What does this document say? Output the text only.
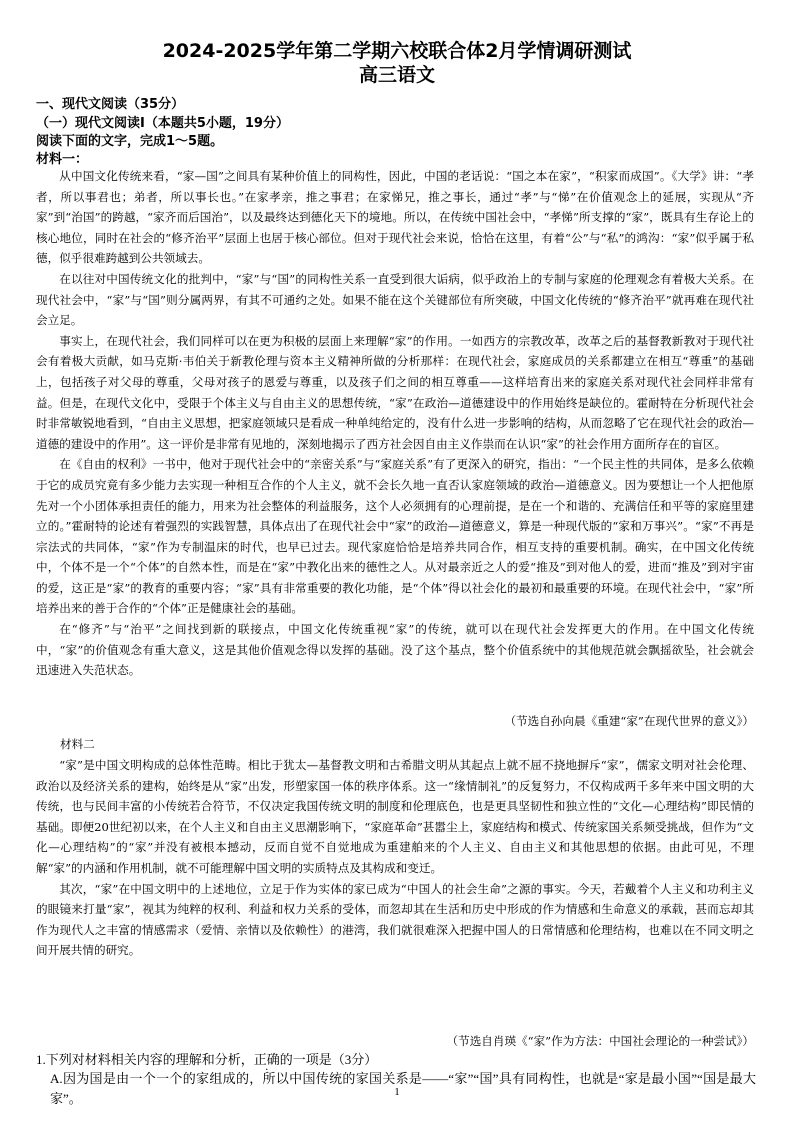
2024-2025学年第二学期六校联合体2月学情调研测试
高三语文
一、现代文阅读（35分）
（一）现代文阅读Ⅰ（本题共5小题，19分）
阅读下面的文字，完成1～5题。
材料一：

从中国文化传统来看，“家—国”之间具有某种价值上的同构性，因此，中国的老话说：“国之本在家”，“积家而成国”。《大学》讲：“孝者，所以事君也；弟者，所以事长也。”在家孝亲，推之事君；在家悌兄，推之事长，通过“孝”与“悌”在价值观念上的延展，实现从“齐家”到“治国”的跨越，“家齐而后国治”，以及最终达到德化天下的境地。所以，在传统中国社会中，“孝悌”所支撑的“家”，既具有生存论上的核心地位，同时在社会的“修齐治平”层面上也居于核心部位。但对于现代社会来说，恰恰在这里，有着“公”与“私”的鸿沟：“家”似乎属于私德，似乎很难跨越到公共领域去。

在以往对中国传统文化的批判中，“家”与“国”的同构性关系一直受到很大诟病，似乎政治上的专制与家庭的伦理观念有着极大关系。在现代社会中，“家”与“国”则分属两界，有其不可通约之处。如果不能在这个关键部位有所突破，中国文化传统的“修齐治平”就再难在现代社会立足。

事实上，在现代社会，我们同样可以在更为积极的层面上来理解“家”的作用。一如西方的宗教改革，改革之后的基督教新教对于现代社会有着极大贡献，如马克斯·韦伯关于新教伦理与资本主义精神所做的分析那样：在现代社会，家庭成员的关系都建立在相互“尊重”的基础上，包括孩子对父母的尊重，父母对孩子的恩爱与尊重，以及孩子们之间的相互尊重——这样培育出来的家庭关系对现代社会同样非常有益。但是，在现代文化中，受限于个体主义与自由主义的思想传统，“家”在政治—道德建设中的作用始终是缺位的。霍耐特在分析现代社会时非常敏锐地看到，“自由主义思想，把家庭领域只是看成一种单纯给定的，没有什么进一步影响的结构，从而忽略了它在现代社会的政治—道德的建设中的作用”。这一评价是非常有见地的，深刻地揭示了西方社会因自由主义作祟而在认识“家”的社会作用方面所存在的盲区。

在《自由的权利》一书中，他对于现代社会中的“亲密关系”与“家庭关系”有了更深入的研究，指出：“一个民主性的共同体，是多么依赖于它的成员究竟有多少能力去实现一种相互合作的个人主义，就不会长久地一直否认家庭领域的政治—道德意义。因为要想让一个人把他原先对一个小团体承担责任的能力，用来为社会整体的利益服务，这个人必须拥有的心理前提，是在一个和谐的、充满信任和平等的家庭里建立的。”霍耐特的论述有着强烈的实践智慧，具体点出了在现代社会中“家”的政治—道德意义，算是一种现代版的“家和万事兴”。“家”不再是宗法式的共同体，“家”作为专制温床的时代，也早已过去。现代家庭恰恰是培养共同合作，相互支持的重要机制。确实，在中国文化传统中，个体不是一个“个体”的自然本性，而是在“家”中教化出来的德性之人。从对最亲近之人的爱“推及”到对他人的爱，进而“推及”到对宇宙的爱，这正是“家”的教育的重要内容；“家”具有非常重要的教化功能，是“个体”得以社会化的最初和最重要的环境。在现代社会中，“家”所培养出来的善于合作的“个体”正是健康社会的基础。

在“修齐”与“治平”之间找到新的联接点，中国文化传统重视“家”的传统，就可以在现代社会发挥更大的作用。在中国文化传统中，“家”的价值观念有重大意义，这是其他价值观念得以发挥的基础。没了这个基点，整个价值系统中的其他规范就会飘摇欲坠，社会就会迅速进入失范状态。

（节选自孙向晨《重建“家”在现代世界的意义》）
材料二

“家”是中国文明构成的总体性范畴。相比于犹太—基督教文明和古希腊文明从其起点上就不屈不挠地摒斥“家”，儒家文明对社会伦理、政治以及经济关系的建构，始终是从“家”出发，形塑家国一体的秩序体系。这一“缘情制礼”的反复努力，不仅构成两千多年来中国文明的大传统，也与民间丰富的小传统若合符节，不仅决定我国传统文明的制度和伦理底色，也是更具坚韧性和独立性的“文化—心理结构”即民情的基础。即便20世纪初以来，在个人主义和自由主义思潮影响下，“家庭革命”甚嚣尘上，家庭结构和模式、传统家国关系频受挑战，但作为“文化—心理结构”的“家”并没有被根本撼动，反而自觉不自觉地成为重建舶来的个人主义、自由主义和其他思想的依据。由此可见，不理解“家”的内涵和作用机制，就不可能理解中国文明的实质特点及其构成和变迁。

其次，“家”在中国文明中的上述地位，立足于作为实体的家已成为“中国人的社会生命”之源的事实。今天，若戴着个人主义和功利主义的眼镜来打量“家”，视其为纯粹的权利、利益和权力关系的受体，而忽却其在生活和历史中形成的作为情感和生命意义的承载，甚而忘却其作为现代人之丰富的情感需求（爱情、亲情以及依赖性）的港湾，我们就很难深入把握中国人的日常情感和伦理结构，也难以在不同文明之间开展共情的研究。

（节选自肖瑛《“家”作为方法：中国社会理论的一种尝试》）
1.下列对材料相关内容的理解和分析，正确的一项是（3分）
A.因为国是由一个一个的家组成的，所以中国传统的家国关系是——“家”“国”具有同构性，也就是“家是最小国”“国是最大家”。	1
